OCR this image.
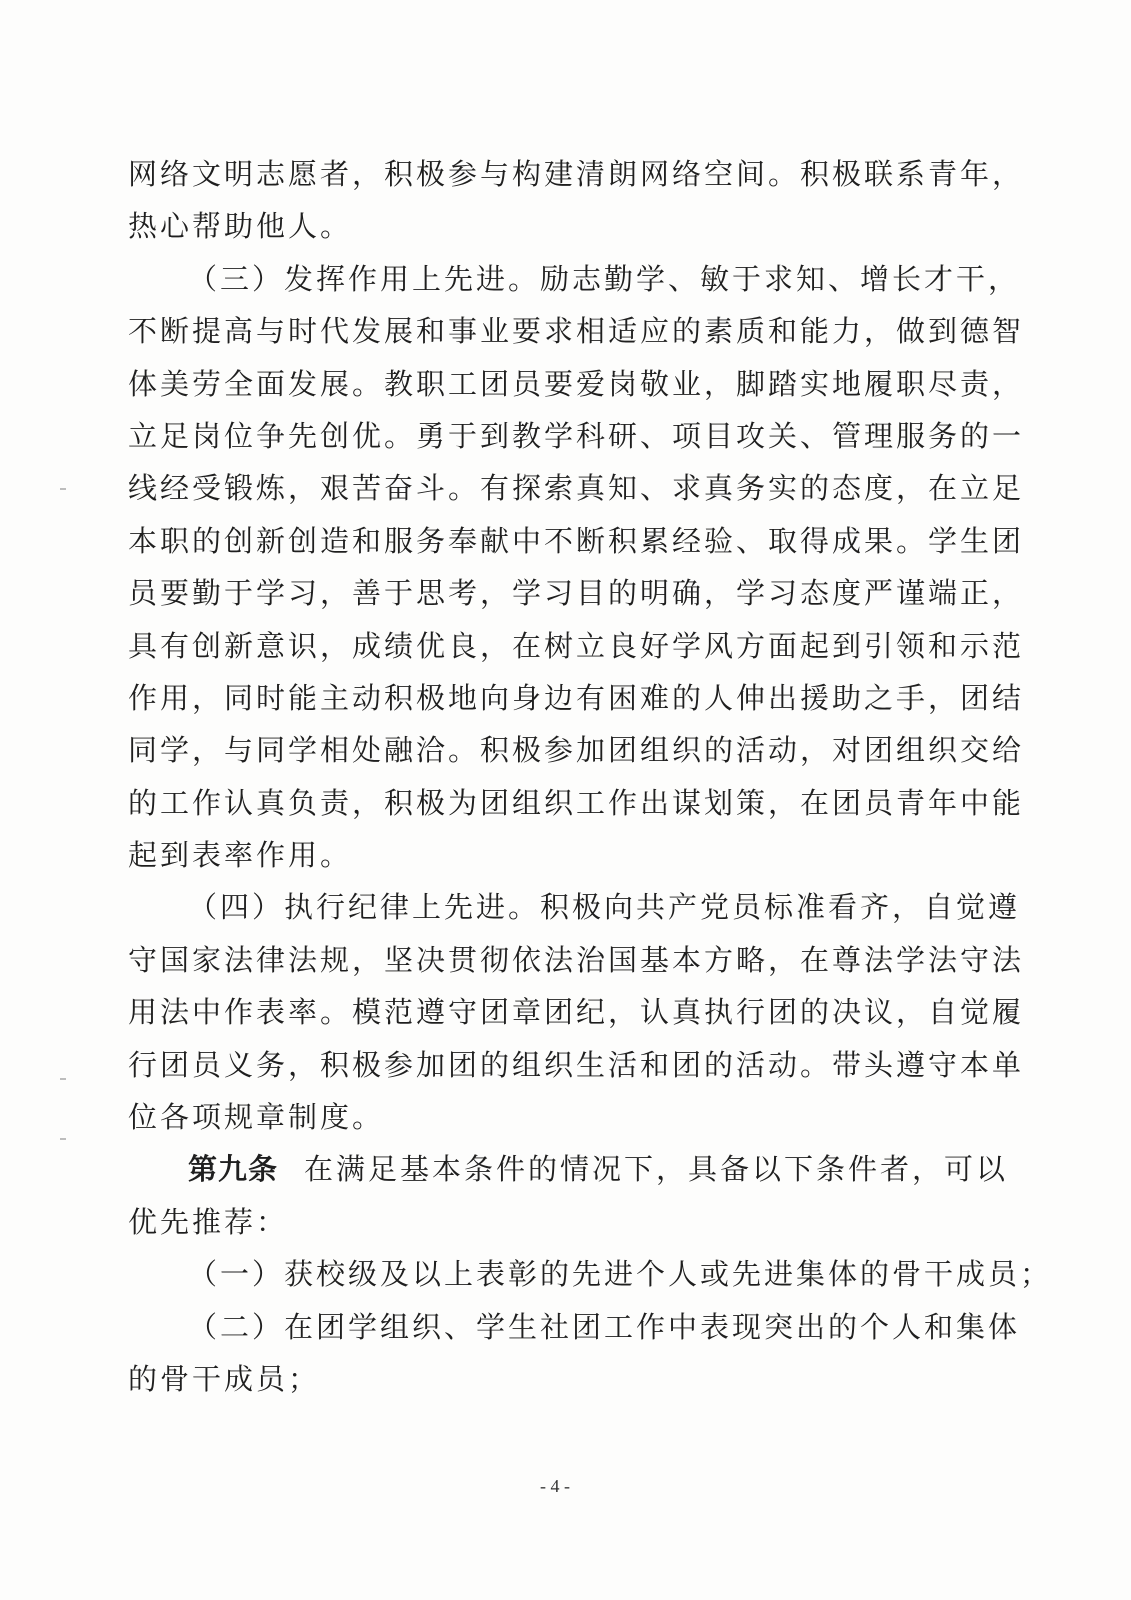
网络文明志愿者，积极参与构建清朗网络空间。积极联系青年，
热心帮助他人。
（三）发挥作用上先进。励志勤学、敏于求知、增长才干，
不断提高与时代发展和事业要求相适应的素质和能力，做到德智
体美劳全面发展。教职工团员要爱岗敬业，脚踏实地履职尽责，
立足岗位争先创优。勇于到教学科研、项目攻关、管理服务的一
线经受锻炼，艰苦奋斗。有探索真知、求真务实的态度，在立足
本职的创新创造和服务奉献中不断积累经验、取得成果。学生团
员要勤于学习，善于思考，学习目的明确，学习态度严谨端正，
具有创新意识，成绩优良，在树立良好学风方面起到引领和示范
作用，同时能主动积极地向身边有困难的人伸出援助之手，团结
同学，与同学相处融洽。积极参加团组织的活动，对团组织交给
的工作认真负责，积极为团组织工作出谋划策，在团员青年中能
起到表率作用。
（四）执行纪律上先进。积极向共产党员标准看齐，自觉遵
守国家法律法规，坚决贯彻依法治国基本方略，在尊法学法守法
用法中作表率。模范遵守团章团纪，认真执行团的决议，自觉履
行团员义务，积极参加团的组织生活和团的活动。带头遵守本单
位各项规章制度。
第九条 在满足基本条件的情况下，具备以下条件者，可以
优先推荐：
（一）获校级及以上表彰的先进个人或先进集体的骨干成员；
（二）在团学组织、学生社团工作中表现突出的个人和集体
的骨干成员；
- 4 -
